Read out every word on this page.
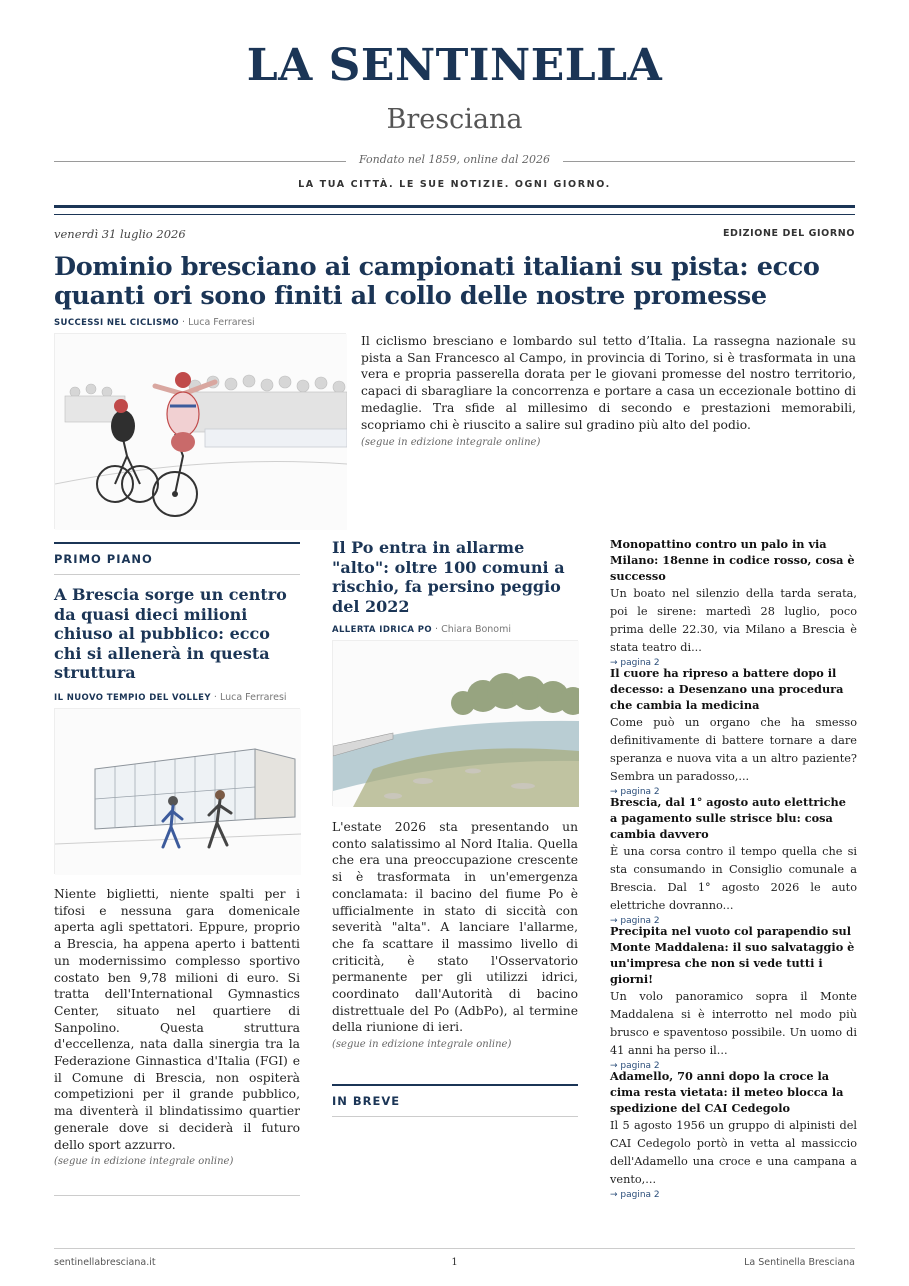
LA SENTINELLA
Bresciana
Fondato nel 1859, online dal 2026
LA TUA CITTÀ. LE SUE NOTIZIE. OGNI GIORNO.
venerdì 31 luglio 2026	EDIZIONE DEL GIORNO
Dominio bresciano ai campionati italiani su pista: ecco quanti ori sono finiti al collo delle nostre promesse
SUCCESSI NEL CICLISMO · Luca Ferraresi
Il ciclismo bresciano e lombardo sul tetto d’Italia. La rassegna nazionale su pista a San Francesco al Campo, in provincia di Torino, si è trasformata in una vera e propria passerella dorata per le giovani promesse del nostro territorio, capaci di sbaragliare la concorrenza e portare a casa un eccezionale bottino di medaglie. Tra sfide al millesimo di secondo e prestazioni memorabili, scopriamo chi è riuscito a salire sul gradino più alto del podio.
(segue in edizione integrale online)
PRIMO PIANO
A Brescia sorge un centro da quasi dieci milioni chiuso al pubblico: ecco chi si allenerà in questa struttura
IL NUOVO TEMPIO DEL VOLLEY · Luca Ferraresi
Niente biglietti, niente spalti per i tifosi e nessuna gara domenicale aperta agli spettatori. Eppure, proprio a Brescia, ha appena aperto i battenti un modernissimo complesso sportivo costato ben 9,78 milioni di euro. Si tratta dell'International Gymnastics Center, situato nel quartiere di Sanpolino. Questa struttura d'eccellenza, nata dalla sinergia tra la Federazione Ginnastica d'Italia (FGI) e il Comune di Brescia, non ospiterà competizioni per il grande pubblico, ma diventerà il blindatissimo quartier generale dove si deciderà il futuro dello sport azzurro.
(segue in edizione integrale online)
Il Po entra in allarme "alto": oltre 100 comuni a rischio, fa persino peggio del 2022
ALLERTA IDRICA PO · Chiara Bonomi
L'estate 2026 sta presentando un conto salatissimo al Nord Italia. Quella che era una preoccupazione crescente si è trasformata in un'emergenza conclamata: il bacino del fiume Po è ufficialmente in stato di siccità con severità "alta". A lanciare l'allarme, che fa scattare il massimo livello di criticità, è stato l'Osservatorio permanente per gli utilizzi idrici, coordinato dall'Autorità di bacino distrettuale del Po (AdbPo), al termine della riunione di ieri.
(segue in edizione integrale online)
IN BREVE
Monopattino contro un palo in via Milano: 18enne in codice rosso, cosa è successo
Un boato nel silenzio della tarda serata, poi le sirene: martedì 28 luglio, poco prima delle 22.30, via Milano a Brescia è stata teatro di...
→ pagina 2
Il cuore ha ripreso a battere dopo il decesso: a Desenzano una procedura che cambia la medicina
Come può un organo che ha smesso definitivamente di battere tornare a dare speranza e nuova vita a un altro paziente? Sembra un paradosso,...
→ pagina 2
Brescia, dal 1° agosto auto elettriche a pagamento sulle strisce blu: cosa cambia davvero
È una corsa contro il tempo quella che si sta consumando in Consiglio comunale a Brescia. Dal 1° agosto 2026 le auto elettriche dovranno...
→ pagina 2
Precipita nel vuoto col parapendio sul Monte Maddalena: il suo salvataggio è un'impresa che non si vede tutti i giorni!
Un volo panoramico sopra il Monte Maddalena si è interrotto nel modo più brusco e spaventoso possibile. Un uomo di 41 anni ha perso il...
→ pagina 2
Adamello, 70 anni dopo la croce la cima resta vietata: il meteo blocca la spedizione del CAI Cedegolo
Il 5 agosto 1956 un gruppo di alpinisti del CAI Cedegolo portò in vetta al massiccio dell'Adamello una croce e una campana a vento,...
→ pagina 2
sentinellabresciana.it	1	La Sentinella Bresciana
